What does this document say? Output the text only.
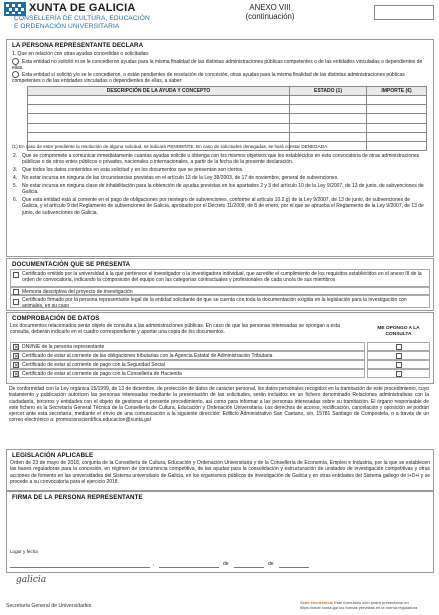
XUNTA DE GALICIA
CONSELLERÍA DE CULTURA, EDUCACIÓN
E ORDENACIÓN UNIVERSITARIA
ANEXO VIII
(continuación)
LA PERSONA REPRESENTANTE DECLARA
1. Que en relación con otras ayudas concedidas o solicitadas:
Esta entidad no solicitó ni se le concedieron ayudas para la misma finalidad de las distintas administraciones públicas competentes o de las entidades vinculadas o dependientes de ellas.
Esta entidad sí solicitó y/o se le concedieron, o están pendientes de resolución de concesión, otras ayudas para la misma finalidad de las distintas administraciones públicas competentes o de las entidades vinculadas o dependientes de ellas, a saber:
DESCRIPCIÓN DE LA AYUDA Y CONCEPTO	ESTADO (1)	IMPORTE (€)

(1) En caso de estar pendiente la resolución de alguna solicitud, se indicará PENDIENTE. En caso de solicitudes denegadas, se hará constar DENEGADA.
2. Que se compromete a comunicar inmediatamente cuantas ayudas solicite u obtenga con los mismos objetivos que los establecidos en esta convocatoria de otras administraciones públicas o de otros entes públicos o privados, nacionales o internacionales, a partir de la fecha de la presente declaración.
3. Que todos los datos contenidos en esta solicitud y en los documentos que se presentan son ciertos.
4. No estar incursa en ninguna de las circunstancias previstas en el artículo 13 de la Ley 38/2003, de 17 de noviembre, general de subvenciones.
5. No estar incursa en ninguna clase de inhabilitación para la obtención de ayudas previstas en los apartados 2 y 3 del artículo 10 de la Ley 9/2007, de 13 de junio, de subvenciones de Galicia.
6. Que esta entidad está al corriente en el pago de obligaciones por reintegro de subvenciones, conforme al artículo 10.2.g) de la Ley 9/2007, de 13 de junio, de subvenciones de Galicia, y el artículo 9 del Reglamento de subvenciones de Galicia, aprobado por el Decreto 11/2009, de 8 de enero, por el que se aprueba el Reglamento de la Ley 9/2007, de 13 de junio, de subvenciones de Galicia.
DOCUMENTACIÓN QUE SE PRESENTA
Certificado emitido por la universidad a la que pertenece el investigador o la investigadora individual, que acredite el cumplimiento de los requisitos establecidos en el anexo III de la orden de convocatoria, indicando la composición del equipo con las categorías contractuales y profesionales de cada uno/a de sus miembros
Memoria descriptiva del proyecto de investigación
Certificado firmado por la persona representante legal de la entidad solicitante de que se cuenta con toda la documentación exigida en la legislación para la investigación con animales, en su caso
COMPROBACIÓN DE DATOS
Los documentos relacionados serán objeto de consulta a las administraciones públicas. En caso de que las personas interesadas se opongan a esta consulta, deberán indicarlo en el cuadro correspondiente y aportar una copia de los documentos.
ME OPONGO A LA CONSULTA
✕ DNI/NIE de la persona representante
✕ Certificado de estar al corriente de las obligaciones tributarias con la Agencia Estatal de Administración Tributaria
✕ Certificado de estar al corriente de pago con la Seguridad Social
✕ Certificado de estar al corriente de pago con la Consellería de Hacienda
De conformidad con la Ley orgánica 15/1999, de 13 de diciembre, de protección de datos de carácter personal, los datos personales recogidos en la tramitación de este procedimiento, cuyo tratamiento y publicación autoricen las personas interesadas mediante la presentación de las solicitudes, serán incluidos en un fichero denominado Relaciones administrativas con la ciudadanía, terceros y entidades con el objeto de gestionar el presente procedimiento, así como para informar a las personas interesadas sobre su tramitación. El órgano responsable de este fichero es la Secretaría General Técnica de la Consellería de Cultura, Educación y Ordenación Universitaria. Los derechos de acceso, rectificación, cancelación y oposición se podrán ejercer ante esta secretaría, mediante el envío de una comunicación a la siguiente dirección: Edificio Administrativo San Caetano, s/n, 15781 Santiago de Compostela, o a través de un correo electrónico a: promocionscientífica.educacion@xunta.gal
LEGISLACIÓN APLICABLE
Orden de 23 de mayo de 2018, conjunta de la Consellería de Cultura, Educación y Ordenación Universitaria y de la Consellería de Economía, Empleo e Industria, por la que se establecen las bases reguladoras para la concesión, en régimen de concurrencia competitiva, de las ayudas para la consolidación y estructuración de unidades de investigación competitivas y otras acciones de fomento en las universidades del Sistema universitario de Galicia, en los organismos públicos de investigación de Galicia y en otras entidades del Sistema gallego de I+D+i y se procede a su convocatoria para el ejercicio 2018.
FIRMA DE LA PERSONA REPRESENTANTE
Lugar y fecha
,	de	de
galicia
Secretaría General de Universidades
Sede electrónica: Este formulario sólo podrá presentarse en https://sede.xunta.gal los formas previstas en la norma reguladora
